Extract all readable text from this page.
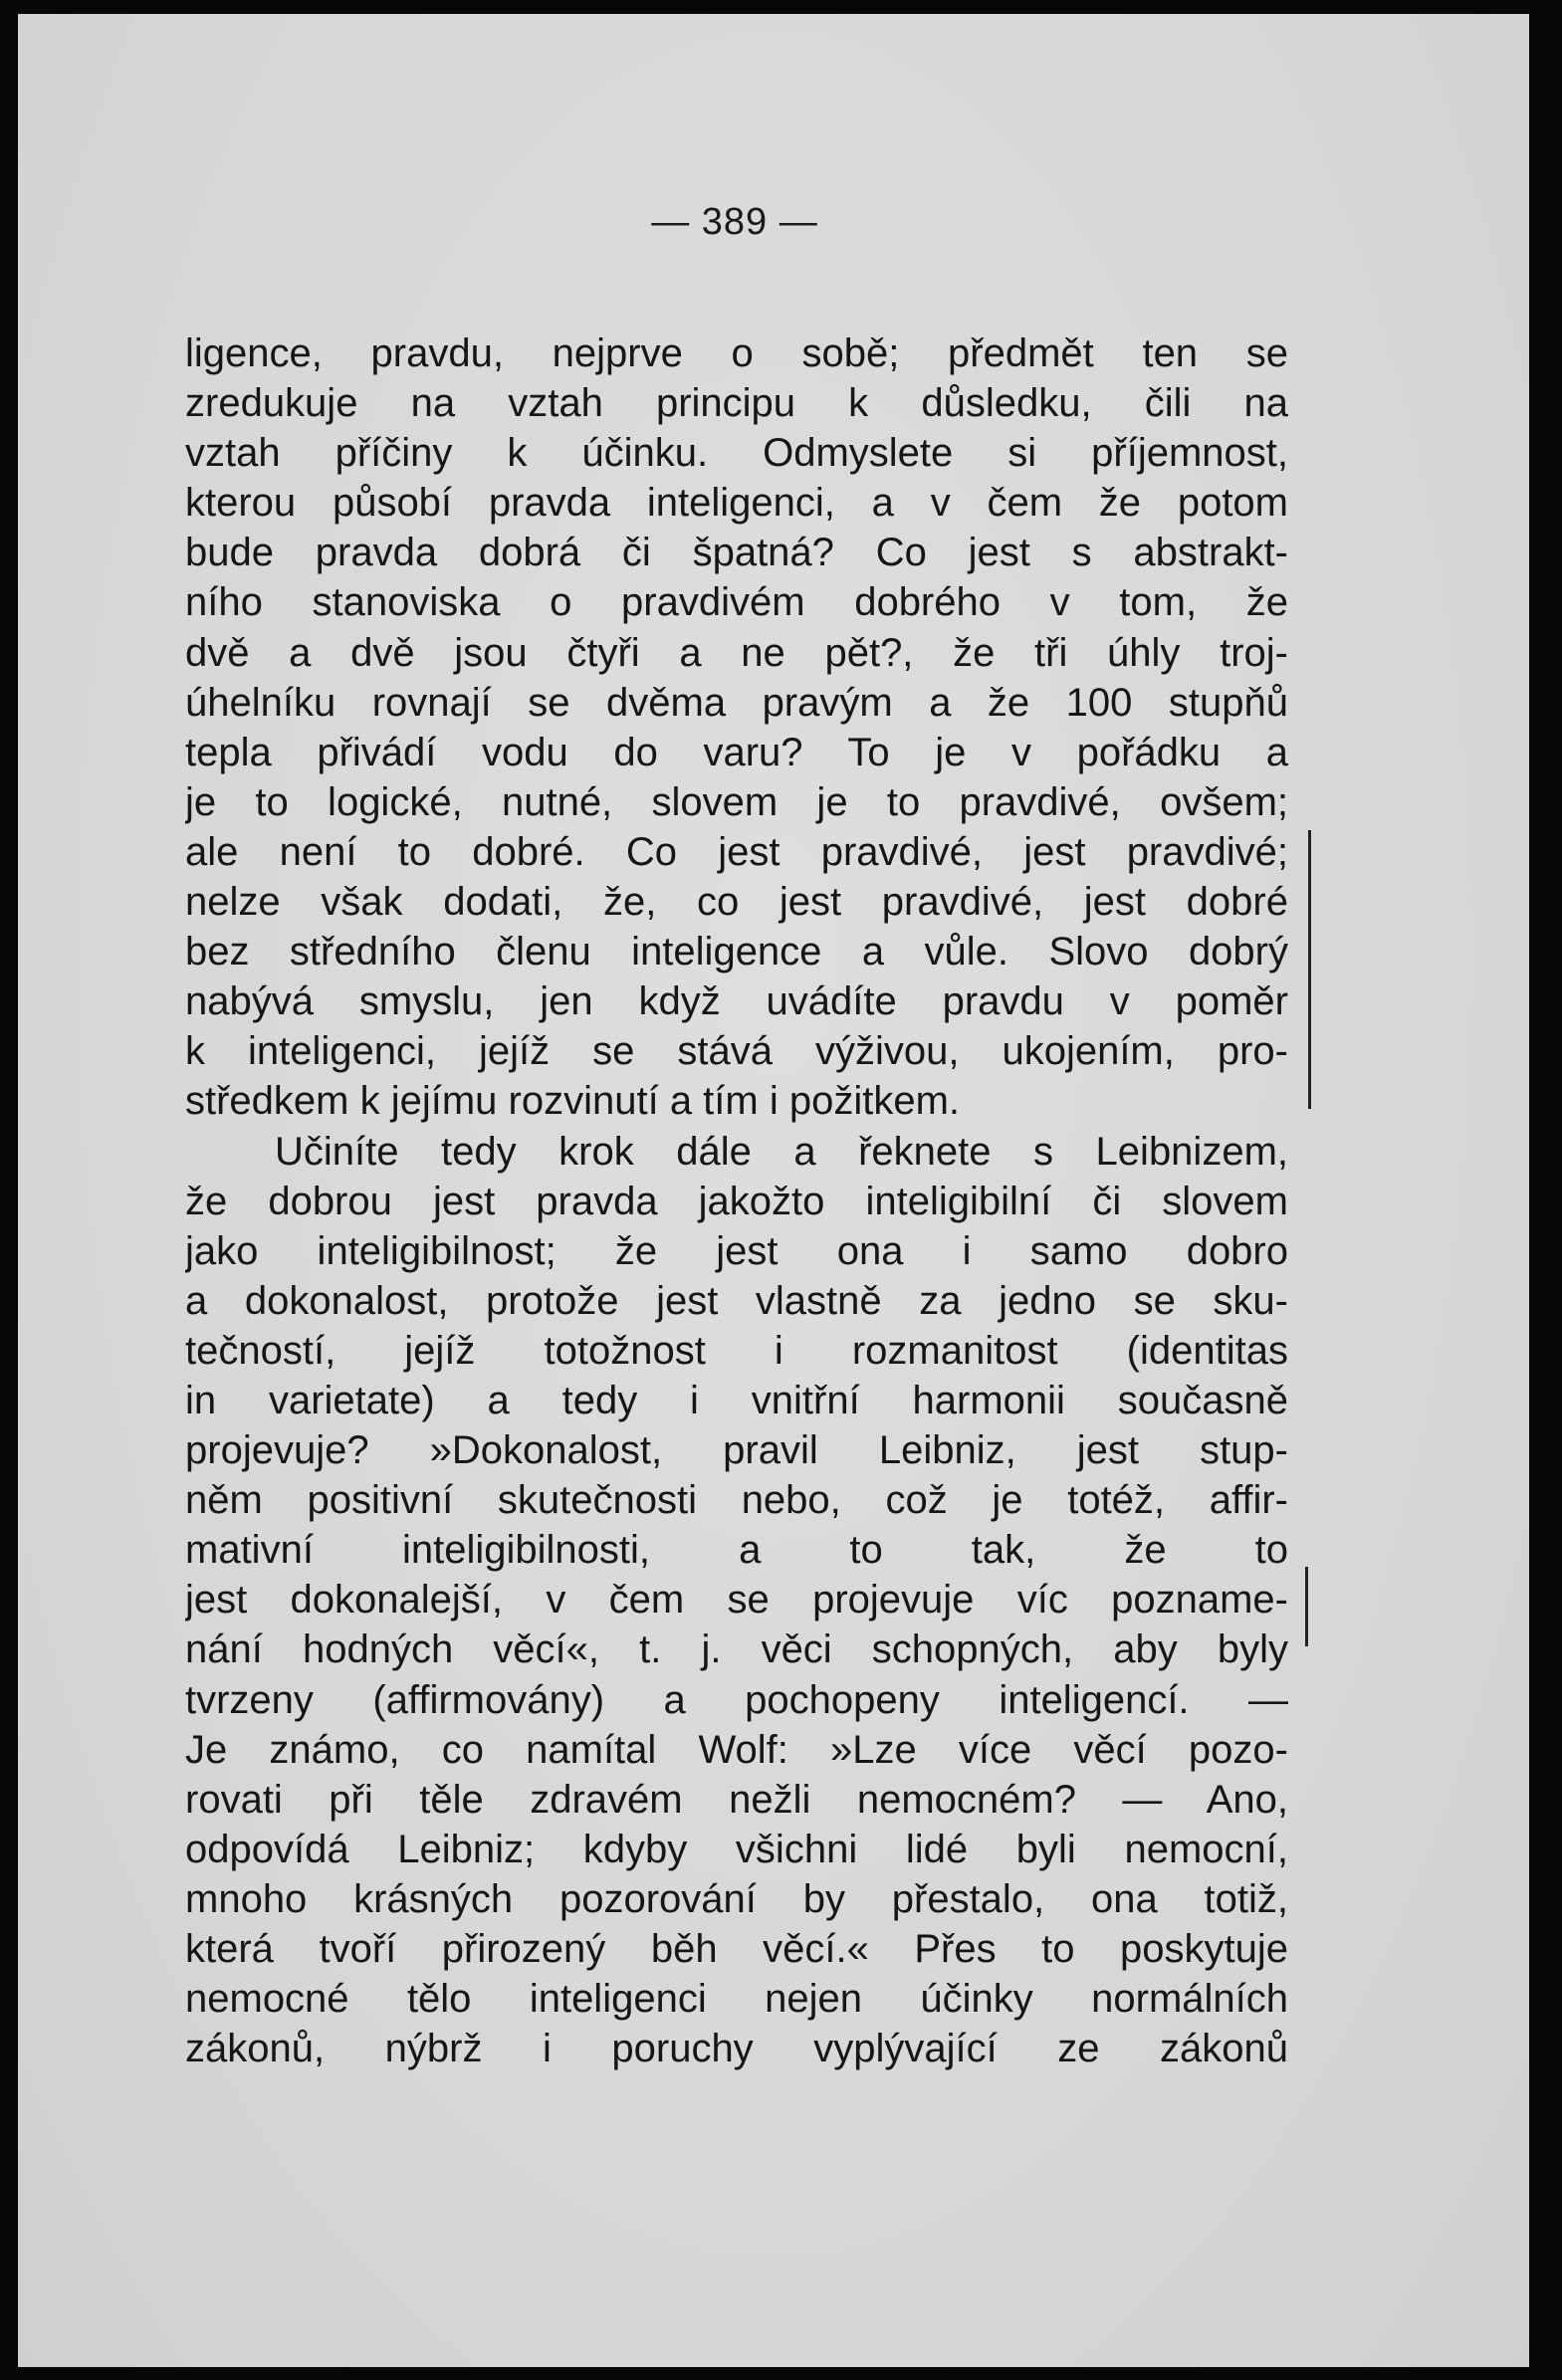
— 389 —
ligence, pravdu, nejprve o sobě; předmět ten se
zredukuje na vztah principu k důsledku, čili na
vztah příčiny k účinku. Odmyslete si příjemnost,
kterou působí pravda inteligenci, a v čem že potom
bude pravda dobrá či špatná? Co jest s abstrakt-
ního stanoviska o pravdivém dobrého v tom, že
dvě a dvě jsou čtyři a ne pět?, že tři úhly troj-
úhelníku rovnají se dvěma pravým a že 100 stupňů
tepla přivádí vodu do varu? To je v pořádku a
je to logické, nutné, slovem je to pravdivé, ovšem;
ale není to dobré. Co jest pravdivé, jest pravdivé;
nelze však dodati, že, co jest pravdivé, jest dobré
bez středního členu inteligence a vůle. Slovo dobrý
nabývá smyslu, jen když uvádíte pravdu v poměr
k inteligenci, jejíž se stává výživou, ukojením, pro-
středkem k jejímu rozvinutí a tím i požitkem.
Učiníte tedy krok dále a řeknete s Leibnizem,
že dobrou jest pravda jakožto inteligibilní či slovem
jako inteligibilnost; že jest ona i samo dobro
a dokonalost, protože jest vlastně za jedno se sku-
tečností, jejíž totožnost i rozmanitost (identitas
in varietate) a tedy i vnitřní harmonii současně
projevuje? »Dokonalost, pravil Leibniz, jest stup-
něm positivní skutečnosti nebo, což je totéž, affir-
mativní inteligibilnosti, a to tak, že to
jest dokonalejší, v čem se projevuje víc poznamе-
nání hodných věcí«, t. j. věci schopných, aby byly
tvrzeny (affirmovány) a pochopeny inteligencí. —
Je známo, co namítal Wolf: »Lze více věcí pozo-
rovati při těle zdravém nežli nemocném? — Ano,
odpovídá Leibniz; kdyby všichni lidé byli nemocní,
mnoho krásných pozorování by přestalo, ona totiž,
která tvoří přirozený běh věcí.« Přes to poskytuje
nemocné tělo inteligenci nejen účinky normálních
zákonů, nýbrž i poruchy vyplývající ze zákonů
